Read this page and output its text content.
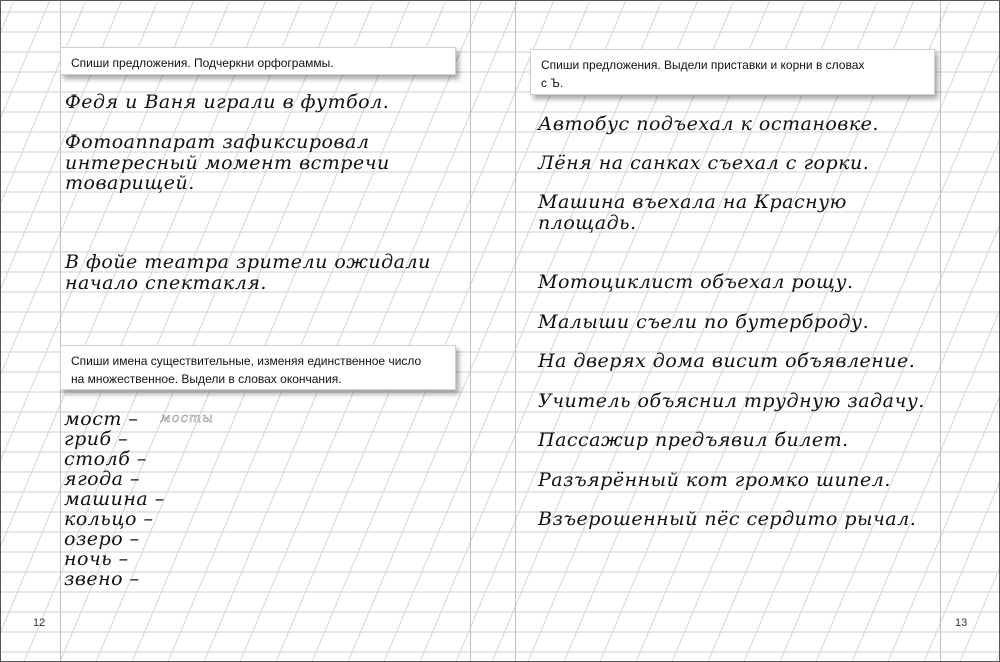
Спиши предложения. Подчеркни орфограммы.
Федя и Ваня играли в футбол.
Фотоаппарат зафиксировал
интересный момент встречи
товарищей.
В фойе театра зрители ожидали
начало спектакля.
Спиши имена существительные, изменяя единственное число
на множественное. Выдели в словах окончания.
мост – мосты
гриб –
столб –
ягода –
машина –
кольцо –
озеро –
ночь –
звено –
12
Спиши предложения. Выдели приставки и корни в словах
с Ъ.
Автобус подъехал к остановке.
Лёня на санках съехал с горки.
Машина въехала на Красную
площадь.
Мотоциклист объехал рощу.
Малыши съели по бутерброду.
На дверях дома висит объявление.
Учитель объяснил трудную задачу.
Пассажир предъявил билет.
Разъярённый кот громко шипел.
Взъерошенный пёс сердито рычал.
13
